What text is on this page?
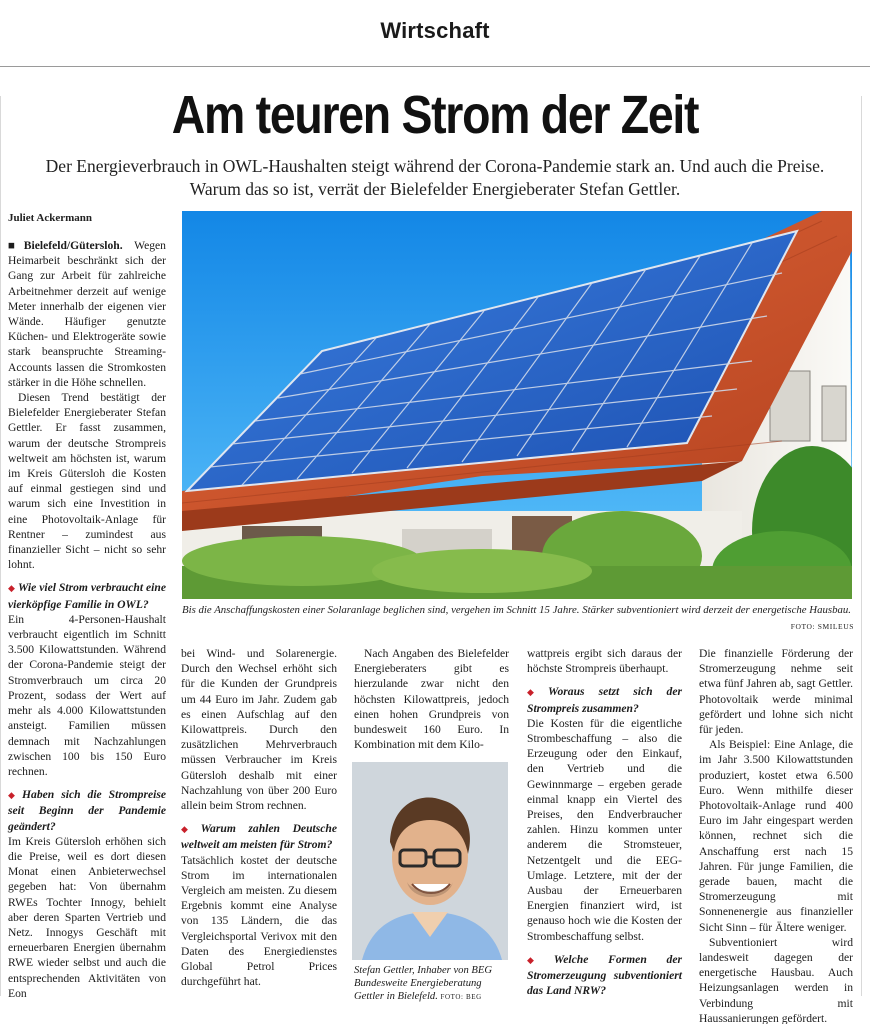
Wirtschaft
Am teuren Strom der Zeit
Der Energieverbrauch in OWL-Haushalten steigt während der Corona-Pandemie stark an. Und auch die Preise. Warum das so ist, verrät der Bielefelder Energieberater Stefan Gettler.
Juliet Ackermann

■Bielefeld/Gütersloh. Wegen Heimarbeit beschränkt sich der Gang zur Arbeit für zahlreiche Arbeitnehmer derzeit auf wenige Meter innerhalb der eigenen vier Wände. Häufiger genutzte Küchen- und Elektrogeräte sowie stark beanspruchte Streaming-Accounts lassen die Stromkosten stärker in die Höhe schnellen.

Diesen Trend bestätigt der Bielefelder Energieberater Stefan Gettler. Er fasst zusammen, warum der deutsche Strompreis weltweit am höchsten ist, warum im Kreis Gütersloh die Kosten auf einmal gestiegen sind und warum sich eine Investition in eine Photovoltaik-Anlage für Rentner – zumindest aus finanzieller Sicht – nicht so sehr lohnt.

◆ Wie viel Strom verbraucht eine vierköpfige Familie in OWL?

Ein 4-Personen-Haushalt verbraucht eigentlich im Schnitt 3.500 Kilowattstunden. Während der Corona-Pandemie steigt der Stromverbrauch um circa 20 Prozent, sodass der Wert auf mehr als 4.000 Kilowattstunden ansteigt. Familien müssen demnach mit Nachzahlungen zwischen 100 bis 150 Euro rechnen.

◆ Haben sich die Strompreise seit Beginn der Pandemie geändert?

Im Kreis Gütersloh erhöhen sich die Preise, weil es dort diesen Monat einen Anbieterwechsel gegeben hat: Von übernahm RWEs Tochter Innogy, behielt aber deren Sparten Vertrieb und Netz. Innogys Geschäft mit erneuerbaren Energien übernahm RWE wieder selbst und auch die entsprechenden Aktivitäten von Eon

Bis die Anschaffungskosten einer Solaranlage beglichen sind, vergehen im Schnitt 15 Jahre. Stärker subventioniert wird derzeit der energetische Hausbau.
FOTO: SMILEUS

bei Wind- und Solarenergie. Durch den Wechsel erhöht sich für die Kunden der Grundpreis um 44 Euro im Jahr. Zudem gab es einen Aufschlag auf den Kilowattpreis. Durch den zusätzlichen Mehrverbrauch müssen Verbraucher im Kreis Gütersloh deshalb mit einer Nachzahlung von über 200 Euro allein beim Strom rechnen.

◆ Warum zahlen Deutsche weltweit am meisten für Strom?

Tatsächlich kostet der deutsche Strom im internationalen Vergleich am meisten. Zu diesem Ergebnis kommt eine Analyse von 135 Ländern, die das Vergleichsportal Verivox mit den Daten des Energiedienstes Global Petrol Prices durchgeführt hat.

Nach Angaben des Bielefelder Energieberaters gibt es hierzulande zwar nicht den höchsten Kilowattpreis, jedoch einen hohen Grundpreis von bundesweit 160 Euro. In Kombination mit dem Kilo-

Stefan Gettler, Inhaber von BEG Bundesweite Energieberatung Gettler in Bielefeld. FOTO: BEG

wattpreis ergibt sich daraus der höchste Strompreis überhaupt.

◆ Woraus setzt sich der Strompreis zusammen?

Die Kosten für die eigentliche Strombeschaffung – also die Erzeugung oder den Einkauf, den Vertrieb und die Gewinnmarge – ergeben gerade einmal knapp ein Viertel des Preises, den Endverbraucher zahlen. Hinzu kommen unter anderem die Stromsteuer, Netzentgelt und die EEG-Umlage. Letztere, mit der der Ausbau der Erneuerbaren Energien finanziert wird, ist genauso hoch wie die Kosten der Strombeschaffung selbst.

◆ Welche Formen der Stromerzeugung subventioniert das Land NRW?

Die finanzielle Förderung der Stromerzeugung nehme seit etwa fünf Jahren ab, sagt Gettler. Photovoltaik werde minimal gefördert und lohne sich nicht für jeden.

Als Beispiel: Eine Anlage, die im Jahr 3.500 Kilowattstunden produziert, kostet etwa 6.500 Euro. Wenn mithilfe dieser Photovoltaik-Anlage rund 400 Euro im Jahr eingespart werden können, rechnet sich die Anschaffung erst nach 15 Jahren. Für junge Familien, die gerade bauen, macht die Stromerzeugung mit Sonnenenergie aus finanzieller Sicht Sinn – für Ältere weniger.

Subventioniert wird landesweit dagegen der energetische Hausbau. Auch Heizungsanlagen werden in Verbindung mit Haussanierungen gefördert.
